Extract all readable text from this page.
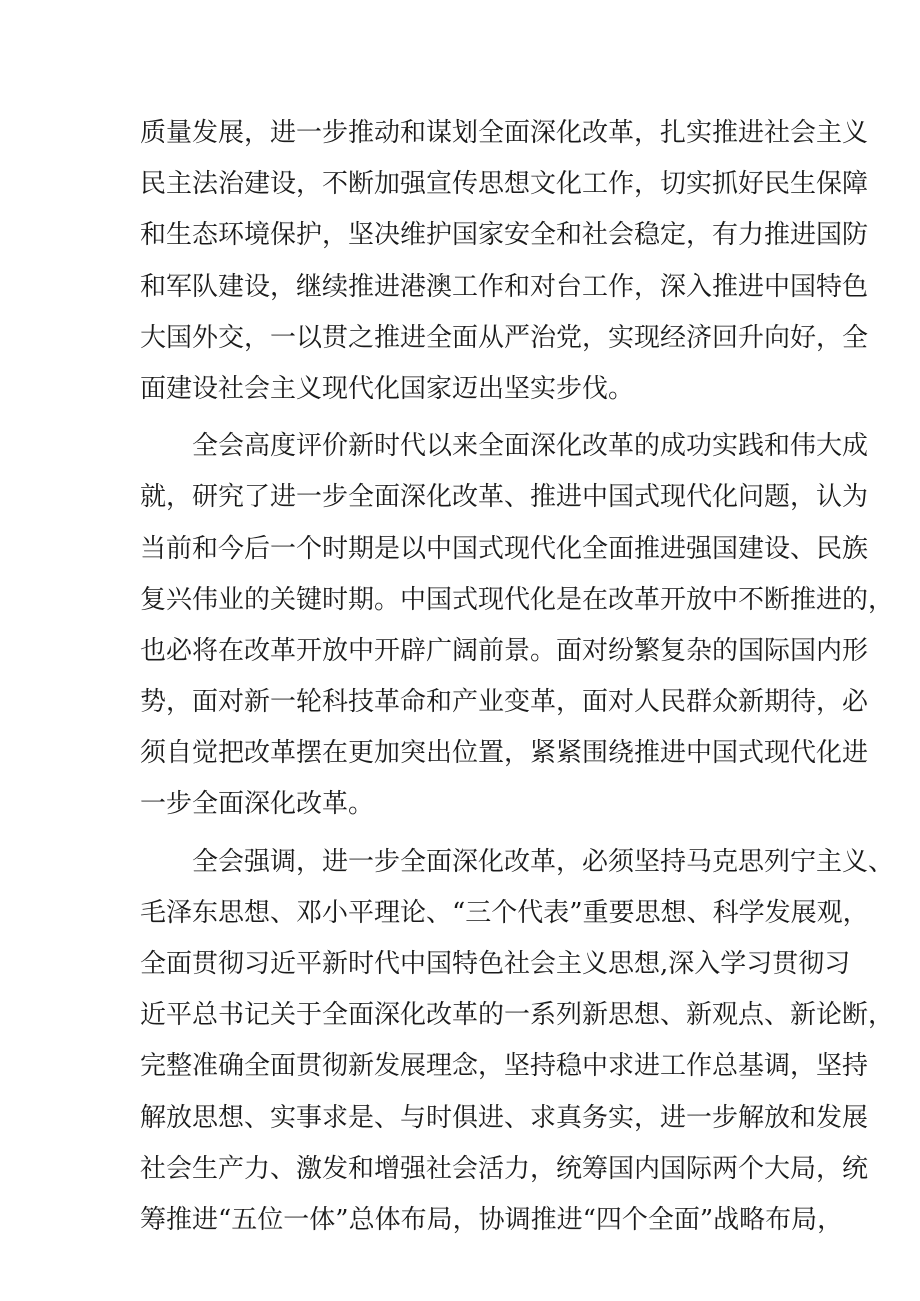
质量发展，进一步推动和谋划全面深化改革，扎实推进社会主义
民主法治建设，不断加强宣传思想文化工作，切实抓好民生保障
和生态环境保护，坚决维护国家安全和社会稳定，有力推进国防
和军队建设，继续推进港澳工作和对台工作，深入推进中国特色
大国外交，一以贯之推进全面从严治党，实现经济回升向好，全
面建设社会主义现代化国家迈出坚实步伐。
全会高度评价新时代以来全面深化改革的成功实践和伟大成
就，研究了进一步全面深化改革、推进中国式现代化问题，认为
当前和今后一个时期是以中国式现代化全面推进强国建设、民族
复兴伟业的关键时期。中国式现代化是在改革开放中不断推进的，
也必将在改革开放中开辟广阔前景。面对纷繁复杂的国际国内形
势，面对新一轮科技革命和产业变革，面对人民群众新期待，必
须自觉把改革摆在更加突出位置，紧紧围绕推进中国式现代化进
一步全面深化改革。
全会强调，进一步全面深化改革，必须坚持马克思列宁主义、
毛泽东思想、邓小平理论、“三个代表”重要思想、科学发展观，
全面贯彻习近平新时代中国特色社会主义思想,深入学习贯彻习
近平总书记关于全面深化改革的一系列新思想、新观点、新论断，
完整准确全面贯彻新发展理念，坚持稳中求进工作总基调，坚持
解放思想、实事求是、与时俱进、求真务实，进一步解放和发展
社会生产力、激发和增强社会活力，统筹国内国际两个大局，统
筹推进“五位一体”总体布局，协调推进“四个全面”战略布局，
